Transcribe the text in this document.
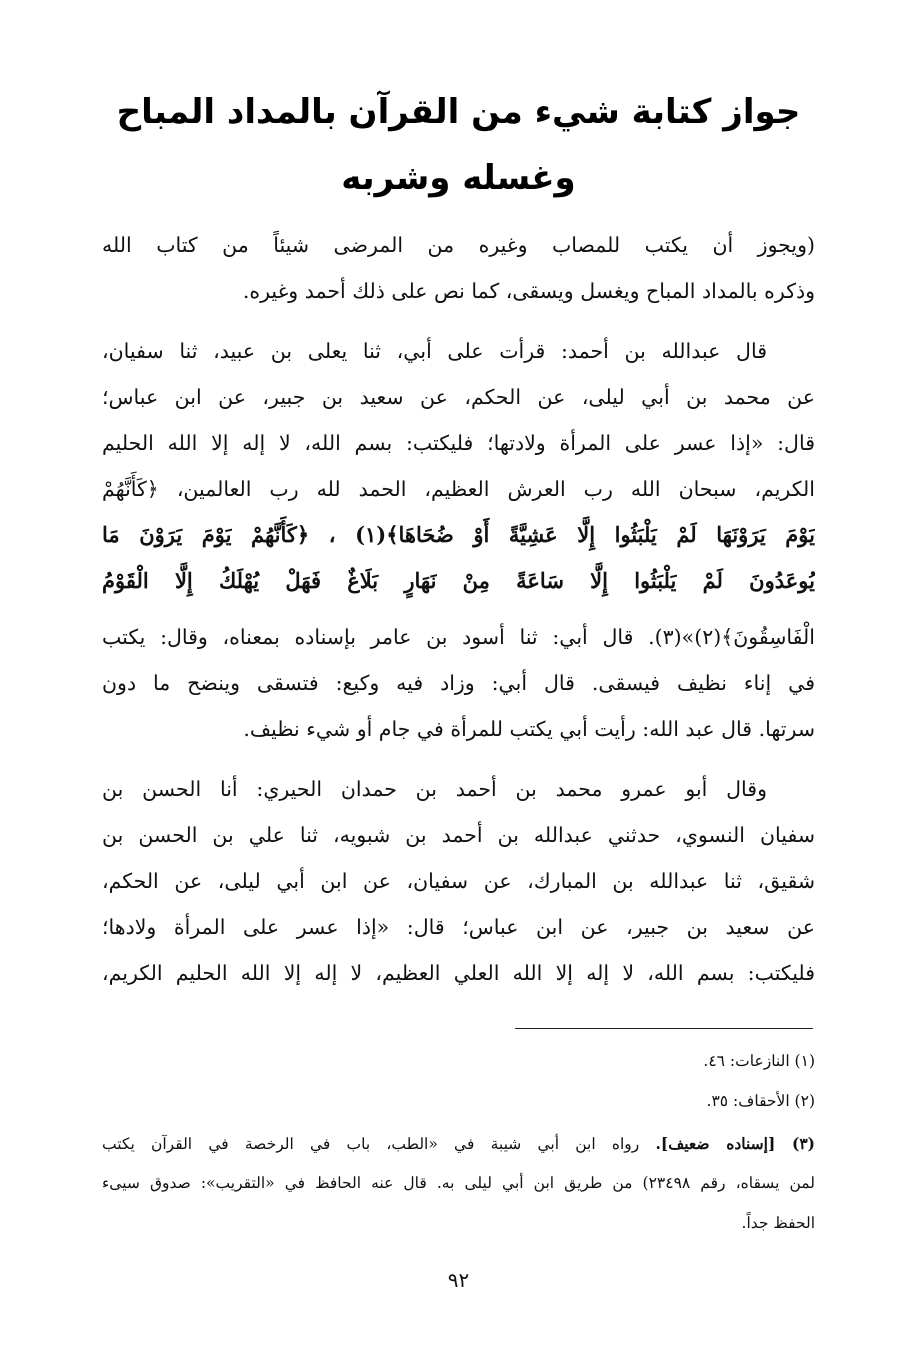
جواز كتابة شيء من القرآن بالمداد المباح
وغسله وشربه
(ويجوز أن يكتب للمصاب وغيره من المرضى شيئاً من كتاب الله
وذكره بالمداد المباح ويغسل ويسقى، كما نص على ذلك أحمد وغيره.
قال عبدالله بن أحمد: قرأت على أبي، ثنا يعلى بن عبيد، ثنا سفيان،
عن محمد بن أبي ليلى، عن الحكم، عن سعيد بن جبير، عن ابن عباس؛
قال: «إذا عسر على المرأة ولادتها؛ فليكتب: بسم الله، لا إله إلا الله الحليم
الكريم، سبحان الله رب العرش العظيم، الحمد لله رب العالمين، ﴿كَأَنَّهُمْ
يَوْمَ يَرَوْنَهَا لَمْ يَلْبَثُوا إِلَّا عَشِيَّةً أَوْ ضُحَاهَا﴾(١) ، ﴿كَأَنَّهُمْ يَوْمَ يَرَوْنَ مَا
يُوعَدُونَ لَمْ يَلْبَثُوا إِلَّا سَاعَةً مِنْ نَهَارٍ بَلَاغٌ فَهَلْ يُهْلَكُ إِلَّا الْقَوْمُ
الْفَاسِقُونَ﴾(٢)»(٣). قال أبي: ثنا أسود بن عامر بإسناده بمعناه، وقال: يكتب
في إناء نظيف فيسقى. قال أبي: وزاد فيه وكيع: فتسقى وينضح ما دون
سرتها. قال عبد الله: رأيت أبي يكتب للمرأة في جام أو شيء نظيف.
وقال أبو عمرو محمد بن أحمد بن حمدان الحيري: أنا الحسن بن
سفيان النسوي، حدثني عبدالله بن أحمد بن شبويه، ثنا علي بن الحسن بن
شقيق، ثنا عبدالله بن المبارك، عن سفيان، عن ابن أبي ليلى، عن الحكم،
عن سعيد بن جبير، عن ابن عباس؛ قال: «إذا عسر على المرأة ولادها؛
فليكتب: بسم الله، لا إله إلا الله العلي العظيم، لا إله إلا الله الحليم الكريم،
(١) النازعات: ٤٦.
(٢) الأحقاف: ٣٥.
(٣) [إسناده ضعيف]. رواه ابن أبي شيبة في «الطب، باب في الرخصة في القرآن يكتب
لمن يسقاه، رقم ٢٣٤٩٨) من طريق ابن أبي ليلى به. قال عنه الحافظ في «التقريب»: صدوق سيىء
الحفظ جداً.
٩٢
